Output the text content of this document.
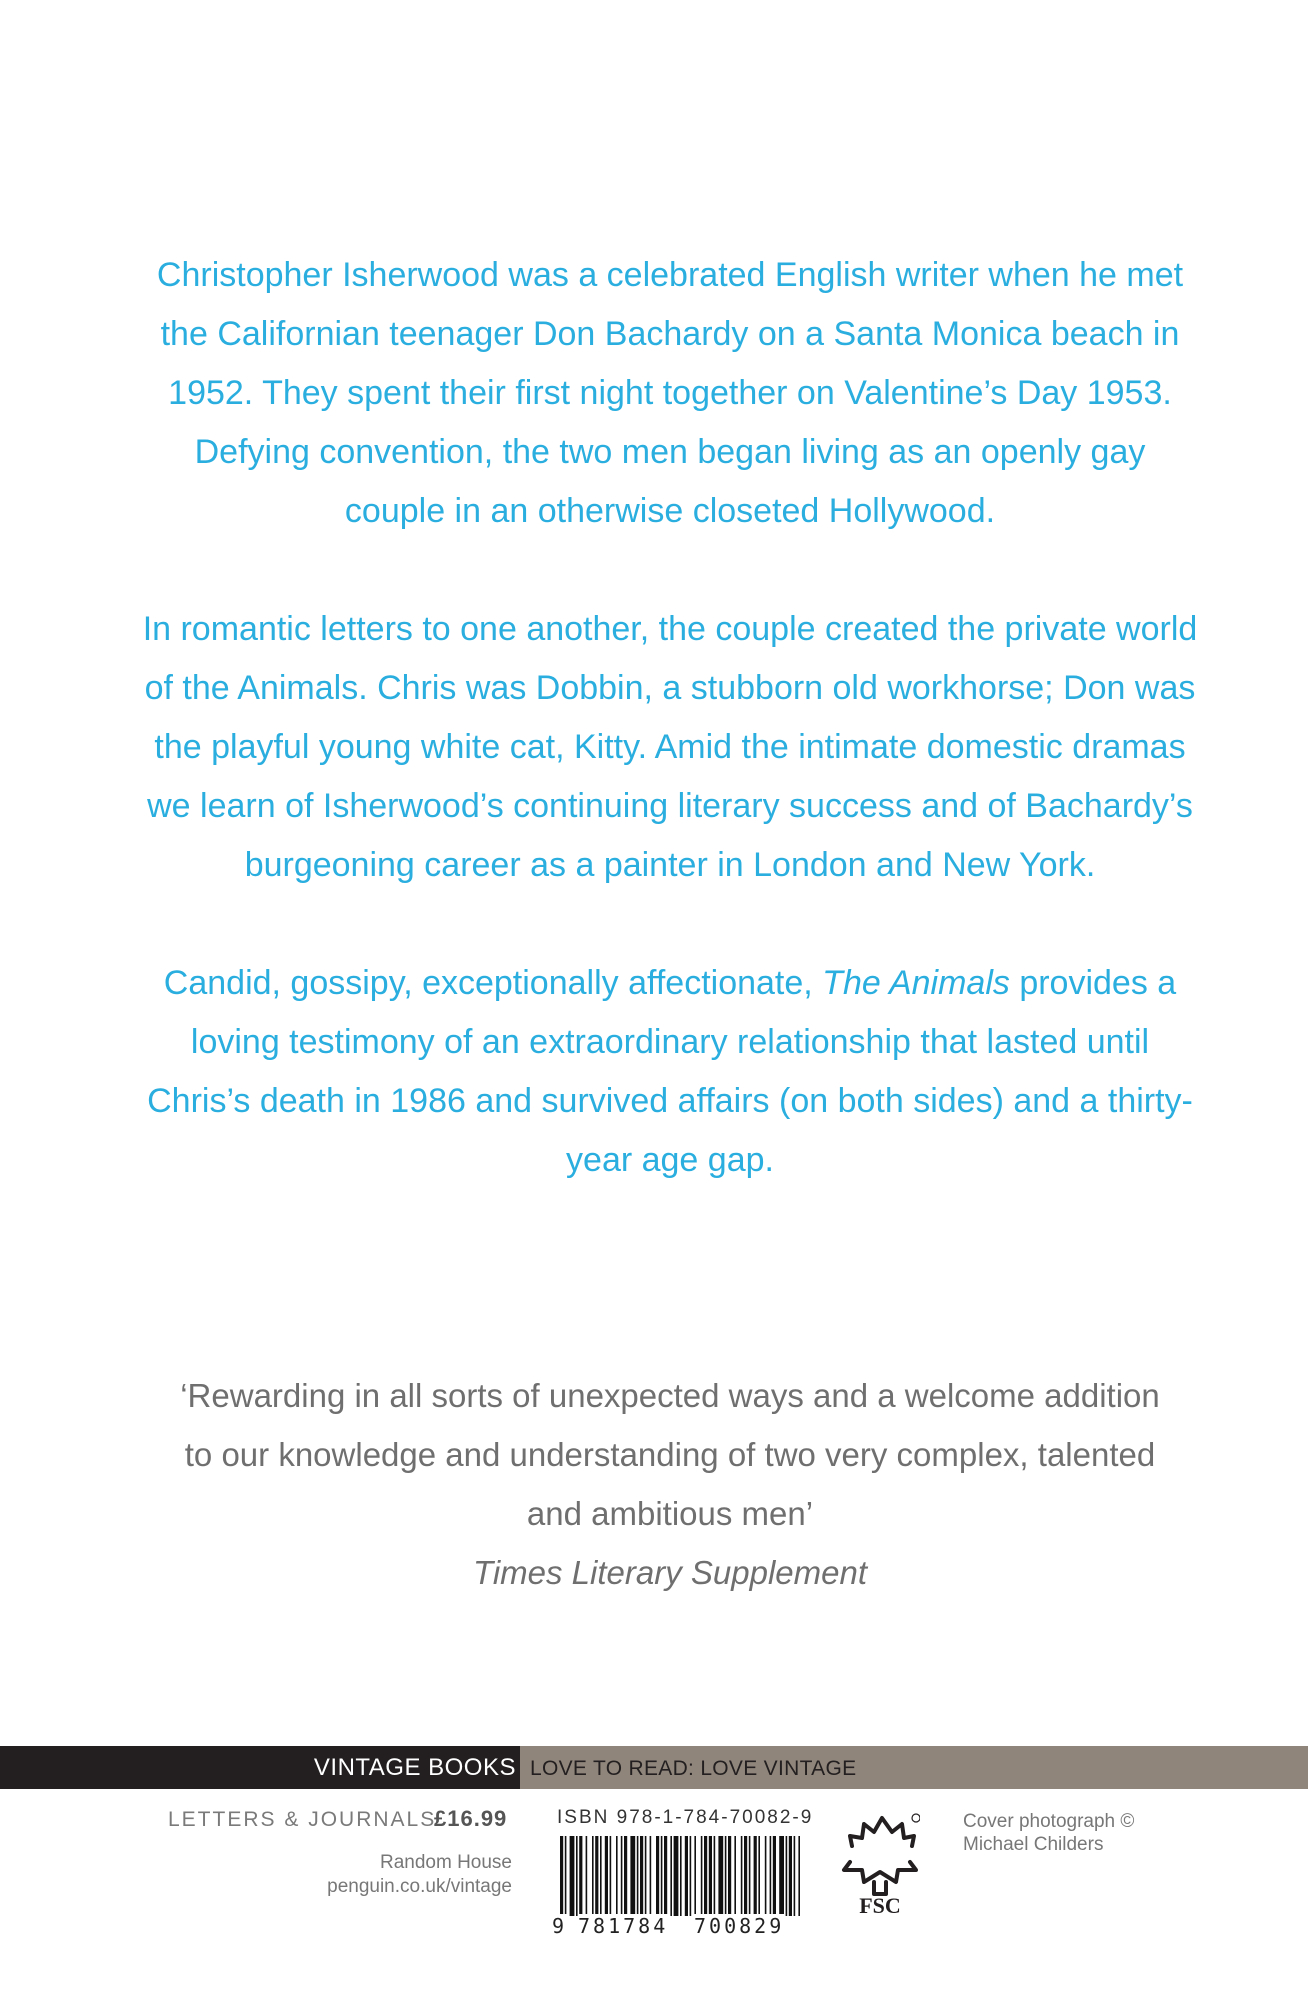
Christopher Isherwood was a celebrated English writer when he met the Californian teenager Don Bachardy on a Santa Monica beach in 1952. They spent their first night together on Valentine’s Day 1953. Defying convention, the two men began living as an openly gay couple in an otherwise closeted Hollywood.

In romantic letters to one another, the couple created the private world of the Animals. Chris was Dobbin, a stubborn old workhorse; Don was the playful young white cat, Kitty. Amid the intimate domestic dramas we learn of Isherwood’s continuing literary success and of Bachardy’s burgeoning career as a painter in London and New York.

Candid, gossipy, exceptionally affectionate, The Animals provides a loving testimony of an extraordinary relationship that lasted until Chris’s death in 1986 and survived affairs (on both sides) and a thirty-year age gap.

‘Rewarding in all sorts of unexpected ways and a welcome addition to our knowledge and understanding of two very complex, talented and ambitious men’

Times Literary Supplement

VINTAGE BOOKS LOVE TO READ: LOVE VINTAGE
LETTERS & JOURNALS
£16.99
Random House
penguin.co.uk/vintage
ISBN 978-1-784-70082-9
9 781784 700829
FSC
Cover photograph ©
Michael Childers
